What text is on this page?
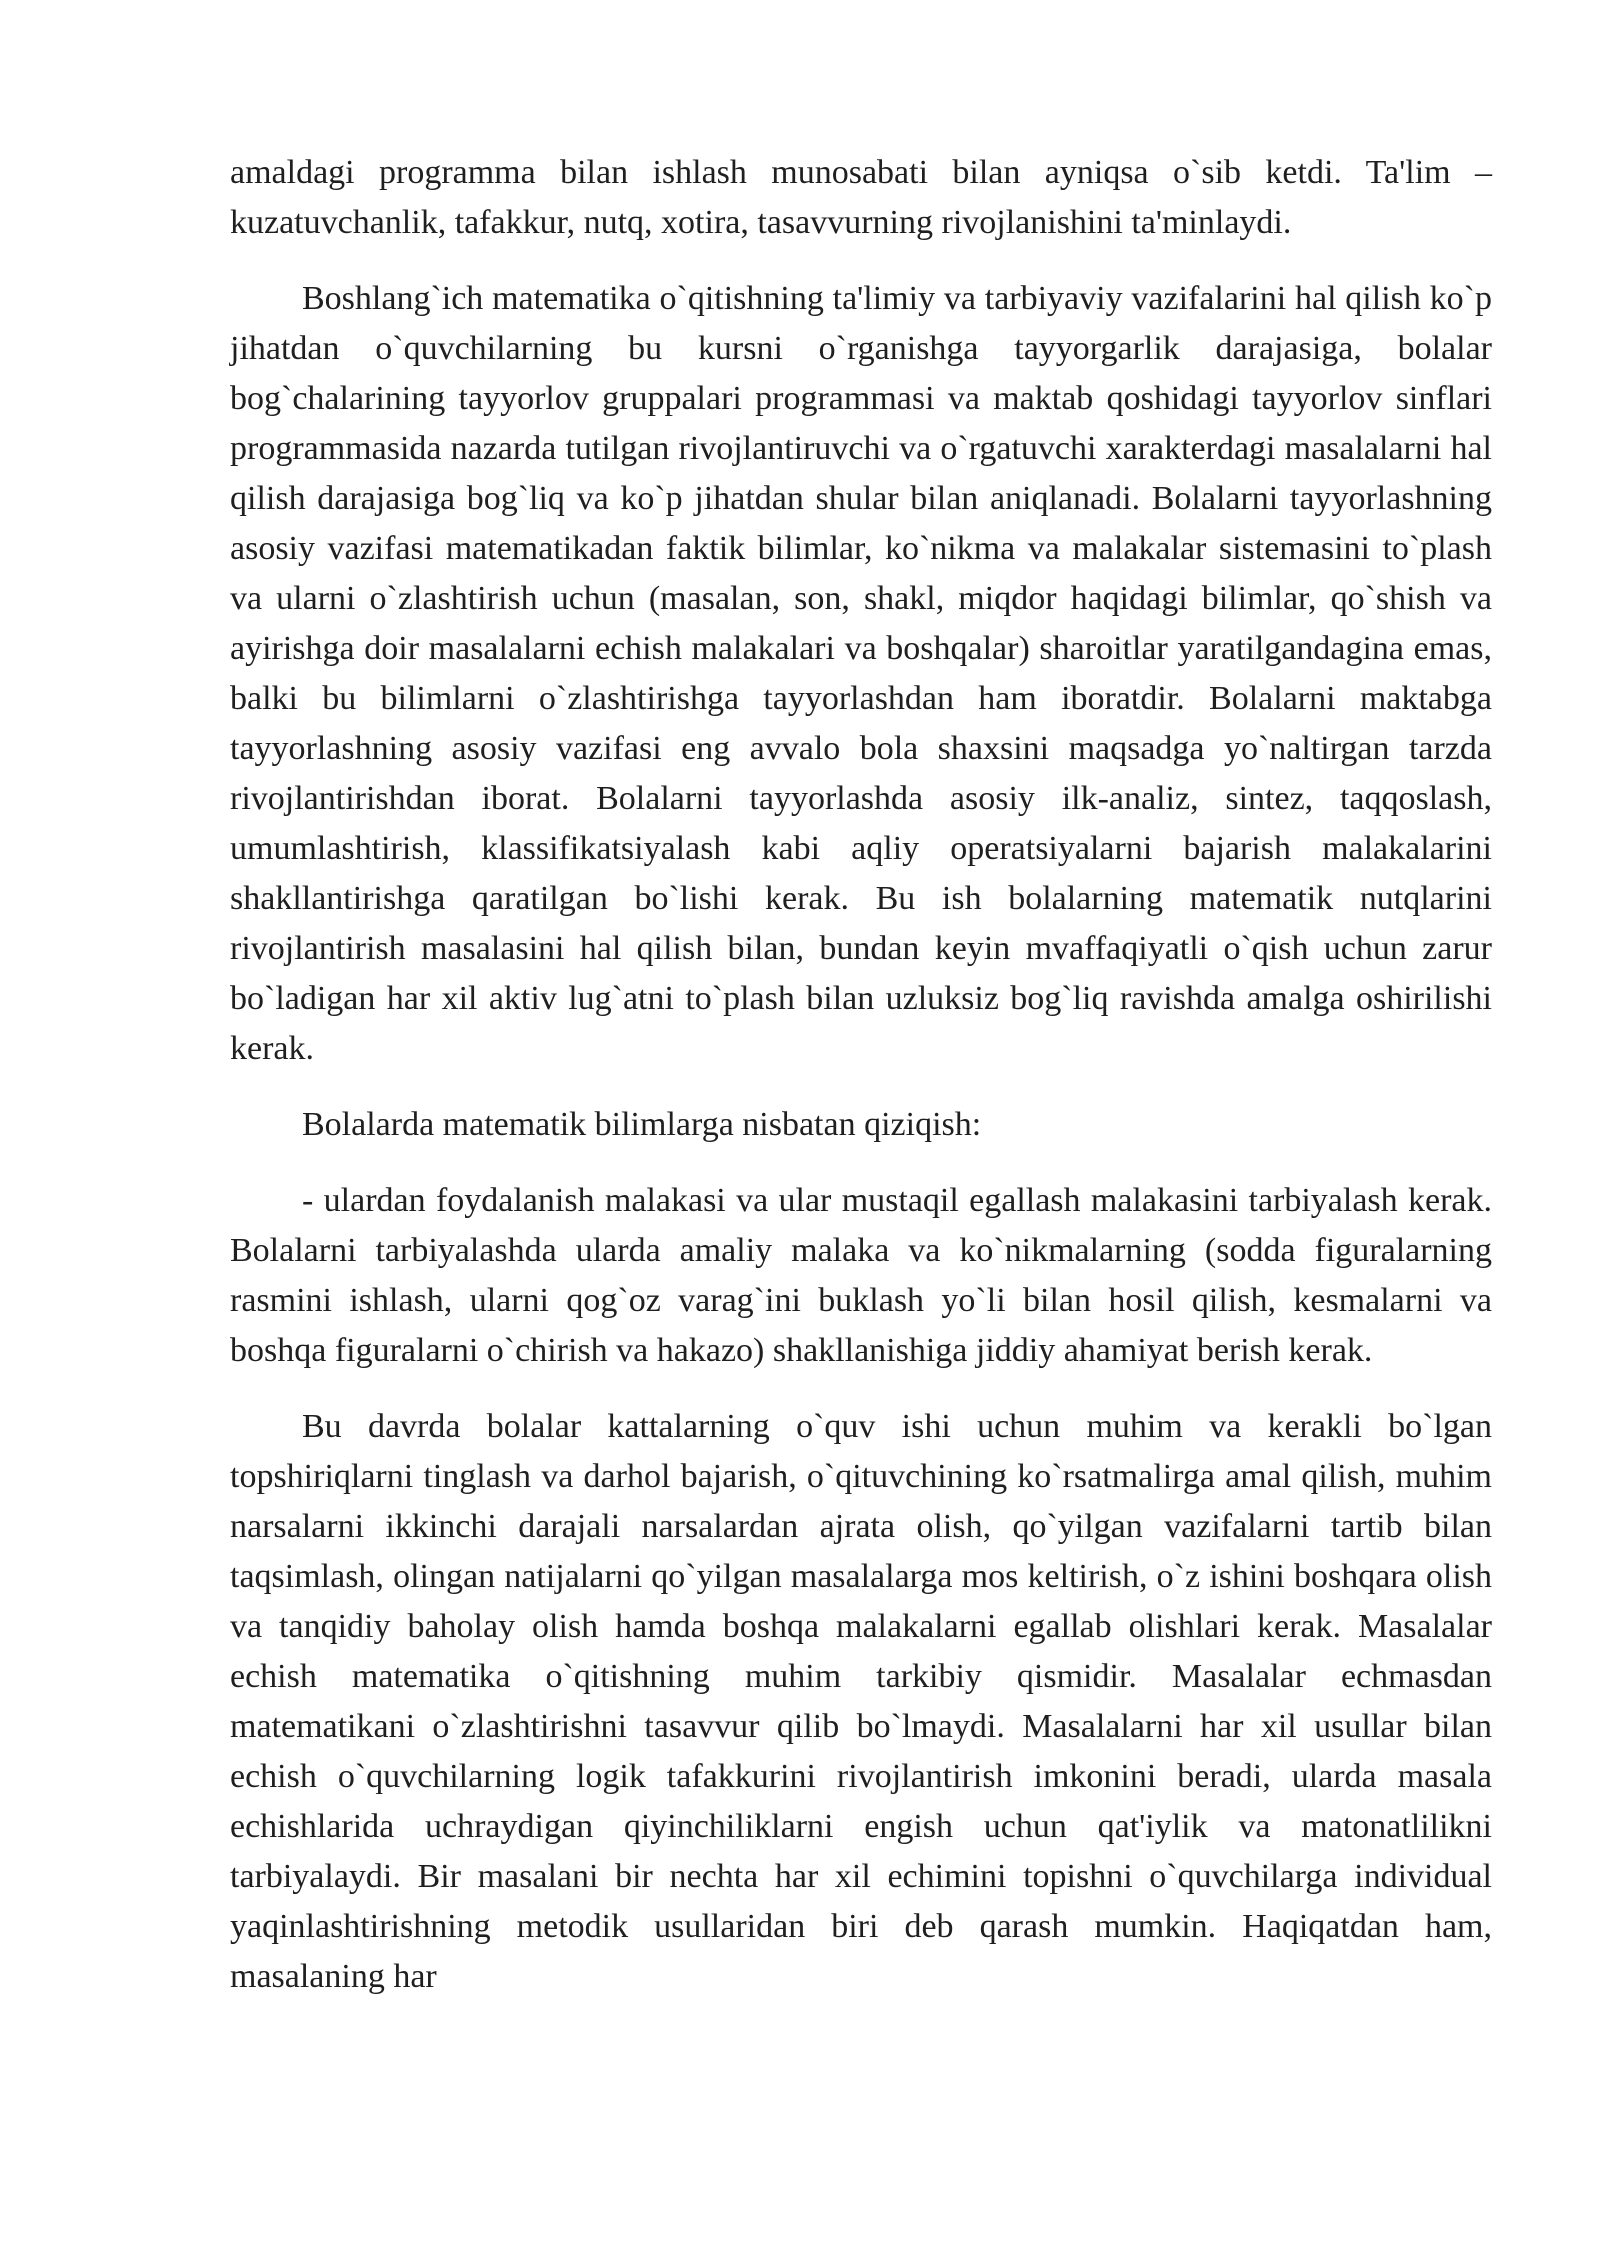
amaldagi programma bilan ishlash munosabati bilan ayniqsa o`sib ketdi. Ta'lim – kuzatuvchanlik, tafakkur, nutq, xotira, tasavvurning rivojlanishini ta'minlaydi.

Boshlang`ich matematika o`qitishning ta'limiy va tarbiyaviy vazifalarini hal qilish ko`p jihatdan o`quvchilarning bu kursni o`rganishga tayyorgarlik darajasiga, bolalar bog`chalarining tayyorlov gruppalari programmasi va maktab qoshidagi tayyorlov sinflari programmasida nazarda tutilgan rivojlantiruvchi va o`rgatuvchi xarakterdagi masalalarni hal qilish darajasiga bog`liq va ko`p jihatdan shular bilan aniqlanadi. Bolalarni tayyorlashning asosiy vazifasi matematikadan faktik bilimlar, ko`nikma va malakalar sistemasini to`plash va ularni o`zlashtirish uchun (masalan, son, shakl, miqdor haqidagi bilimlar, qo`shish va ayirishga doir masalalarni echish malakalari va boshqalar) sharoitlar yaratilgandagina emas, balki bu bilimlarni o`zlashtirishga tayyorlashdan ham iboratdir. Bolalarni maktabga tayyorlashning asosiy vazifasi eng avvalo bola shaxsini maqsadga yo`naltirgan tarzda rivojlantirishdan iborat. Bolalarni tayyorlashda asosiy ilk-analiz, sintez, taqqoslash, umumlashtirish, klassifikatsiyalash kabi aqliy operatsiyalarni bajarish malakalarini shakllantirishga qaratilgan bo`lishi kerak. Bu ish bolalarning matematik nutqlarini rivojlantirish masalasini hal qilish bilan, bundan keyin mvaffaqiyatli o`qish uchun zarur bo`ladigan har xil aktiv lug`atni to`plash bilan uzluksiz bog`liq ravishda amalga oshirilishi kerak.

Bolalarda matematik bilimlarga nisbatan qiziqish:

- ulardan foydalanish malakasi va ular mustaqil egallash malakasini tarbiyalash kerak. Bolalarni tarbiyalashda ularda amaliy malaka va ko`nikmalarning (sodda figuralarning rasmini ishlash, ularni qog`oz varag`ini buklash yo`li bilan hosil qilish, kesmalarni va boshqa figuralarni o`chirish va hakazo) shakllanishiga jiddiy ahamiyat berish kerak.

Bu davrda bolalar kattalarning o`quv ishi uchun muhim va kerakli bo`lgan topshiriqlarni tinglash va darhol bajarish, o`qituvchining ko`rsatmalirga amal qilish, muhim narsalarni ikkinchi darajali narsalardan ajrata olish, qo`yilgan vazifalarni tartib bilan taqsimlash, olingan natijalarni qo`yilgan masalalarga mos keltirish, o`z ishini boshqara olish va tanqidiy baholay olish hamda boshqa malakalarni egallab olishlari kerak. Masalalar echish matematika o`qitishning muhim tarkibiy qismidir. Masalalar echmasdan matematikani o`zlashtirishni tasavvur qilib bo`lmaydi. Masalalarni har xil usullar bilan echish o`quvchilarning logik tafakkurini rivojlantirish imkonini beradi, ularda masala echishlarida uchraydigan qiyinchiliklarni engish uchun qat'iylik va matonatlilikni tarbiyalaydi. Bir masalani bir nechta har xil echimini topishni o`quvchilarga individual yaqinlashtirishning metodik usullaridan biri deb qarash mumkin. Haqiqatdan ham, masalaning har
